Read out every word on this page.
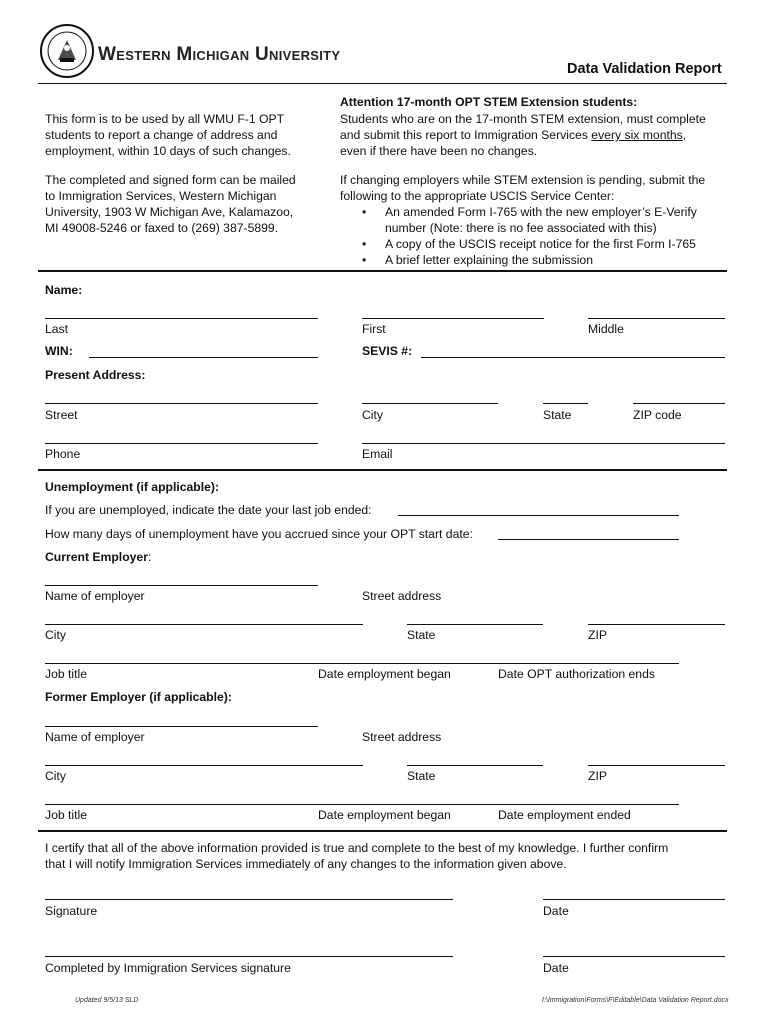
Western Michigan University
Data Validation Report
This form is to be used by all WMU F-1 OPT
students to report a change of address and
employment, within 10 days of such changes.
The completed and signed form can be mailed
to Immigration Services, Western Michigan
University, 1903 W Michigan Ave, Kalamazoo,
MI 49008-5246 or faxed to (269) 387-5899.
Attention 17-month OPT STEM Extension students:
Students who are on the 17-month STEM extension, must complete
and submit this report to Immigration Services every six months,
even if there have been no changes.
If changing employers while STEM extension is pending, submit the
following to the appropriate USCIS Service Center:
• An amended Form I-765 with the new employer’s E-Verify
number (Note: there is no fee associated with this)
• A copy of the USCIS receipt notice for the first Form I-765
• A brief letter explaining the submission
Name:
Last	First	Middle
WIN:	SEVIS #:
Present Address:
Street	City	State	ZIP code
Phone	Email
Unemployment (if applicable):
If you are unemployed, indicate the date your last job ended:
How many days of unemployment have you accrued since your OPT start date:
Current Employer:
Name of employer	Street address
City	State	ZIP
Job title	Date employment began	Date OPT authorization ends
Former Employer (if applicable):
Name of employer	Street address
City	State	ZIP
Job title	Date employment began	Date employment ended
I certify that all of the above information provided is true and complete to the best of my knowledge. I further confirm
that I will notify Immigration Services immediately of any changes to the information given above.
Signature	Date
Completed by Immigration Services signature	Date
Updated 9/5/13 SLD	I:\Immigration\Forms\F\Editable\Data Validation Report.docx
